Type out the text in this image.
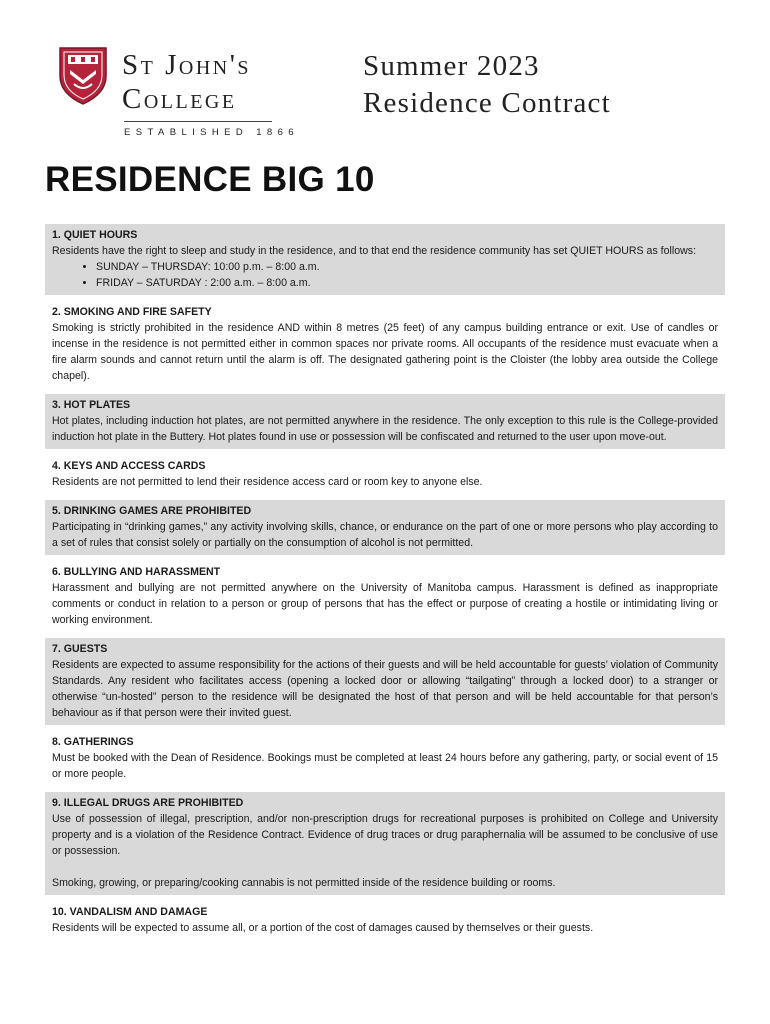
St John's
College
ESTABLISHED 1866
Summer 2023
Residence Contract
RESIDENCE BIG 10
1. QUIET HOURS

Residents have the right to sleep and study in the residence, and to that end the residence community has set QUIET HOURS as follows:

• SUNDAY – THURSDAY: 10:00 p.m. – 8:00 a.m.
• FRIDAY – SATURDAY : 2:00 a.m. – 8:00 a.m.
2. SMOKING AND FIRE SAFETY

Smoking is strictly prohibited in the residence AND within 8 metres (25 feet) of any campus building entrance or exit. Use of candles or incense in the residence is not permitted either in common spaces nor private rooms. All occupants of the residence must evacuate when a fire alarm sounds and cannot return until the alarm is off. The designated gathering point is the Cloister (the lobby area outside the College chapel).

3. HOT PLATES

Hot plates, including induction hot plates, are not permitted anywhere in the residence. The only exception to this rule is the College-provided induction hot plate in the Buttery. Hot plates found in use or possession will be confiscated and returned to the user upon move-out.

4. KEYS AND ACCESS CARDS

Residents are not permitted to lend their residence access card or room key to anyone else.

5. DRINKING GAMES ARE PROHIBITED

Participating in “drinking games,” any activity involving skills, chance, or endurance on the part of one or more persons who play according to a set of rules that consist solely or partially on the consumption of alcohol is not permitted.

6. BULLYING AND HARASSMENT

Harassment and bullying are not permitted anywhere on the University of Manitoba campus. Harassment is defined as inappropriate comments or conduct in relation to a person or group of persons that has the effect or purpose of creating a hostile or intimidating living or working environment.

7. GUESTS

Residents are expected to assume responsibility for the actions of their guests and will be held accountable for guests’ violation of Community Standards. Any resident who facilitates access (opening a locked door or allowing “tailgating” through a locked door) to a stranger or otherwise “un-hosted” person to the residence will be designated the host of that person and will be held accountable for that person’s behaviour as if that person were their invited guest.

8. GATHERINGS

Must be booked with the Dean of Residence. Bookings must be completed at least 24 hours before any gathering, party, or social event of 15 or more people.

9. ILLEGAL DRUGS ARE PROHIBITED

Use of possession of illegal, prescription, and/or non-prescription drugs for recreational purposes is prohibited on College and University property and is a violation of the Residence Contract. Evidence of drug traces or drug paraphernalia will be assumed to be conclusive of use or possession.

Smoking, growing, or preparing/cooking cannabis is not permitted inside of the residence building or rooms.

10. VANDALISM AND DAMAGE

Residents will be expected to assume all, or a portion of the cost of damages caused by themselves or their guests.
